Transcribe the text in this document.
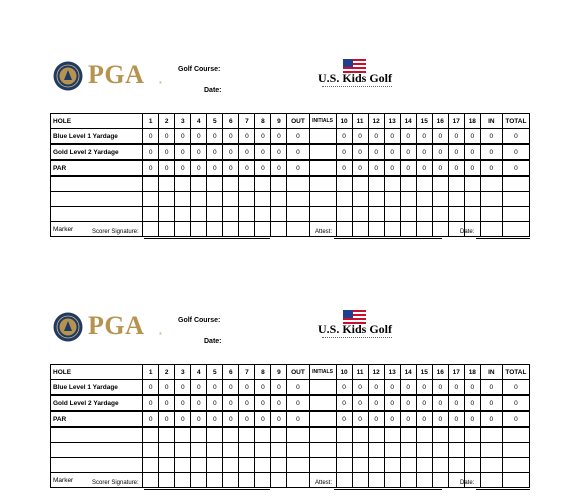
PGA	®
Golf Course:
Date:
U.S. Kids Golf
HOLE	1	2	3	4	5	6	7	8	9	OUT	INITIALS	10	11	12	13	14	15	16	17	18	IN	TOTAL
Blue Level 1 Yardage	0	0	0	0	0	0	0	0	0	0		0	0	0	0	0	0	0	0	0	0	0
Gold Level 2 Yardage	0	0	0	0	0	0	0	0	0	0		0	0	0	0	0	0	0	0	0	0	0
PAR	0	0	0	0	0	0	0	0	0	0		0	0	0	0	0	0	0	0	0	0	0

Marker																							Scorer Signature:	Attest:	Date:
PGA	®
Golf Course:
Date:
U.S. Kids Golf
HOLE	1	2	3	4	5	6	7	8	9	OUT	INITIALS	10	11	12	13	14	15	16	17	18	IN	TOTAL
Blue Level 1 Yardage	0	0	0	0	0	0	0	0	0	0		0	0	0	0	0	0	0	0	0	0	0
Gold Level 2 Yardage	0	0	0	0	0	0	0	0	0	0		0	0	0	0	0	0	0	0	0	0	0
PAR	0	0	0	0	0	0	0	0	0	0		0	0	0	0	0	0	0	0	0	0	0

Marker																							Scorer Signature:	Attest:	Date:
